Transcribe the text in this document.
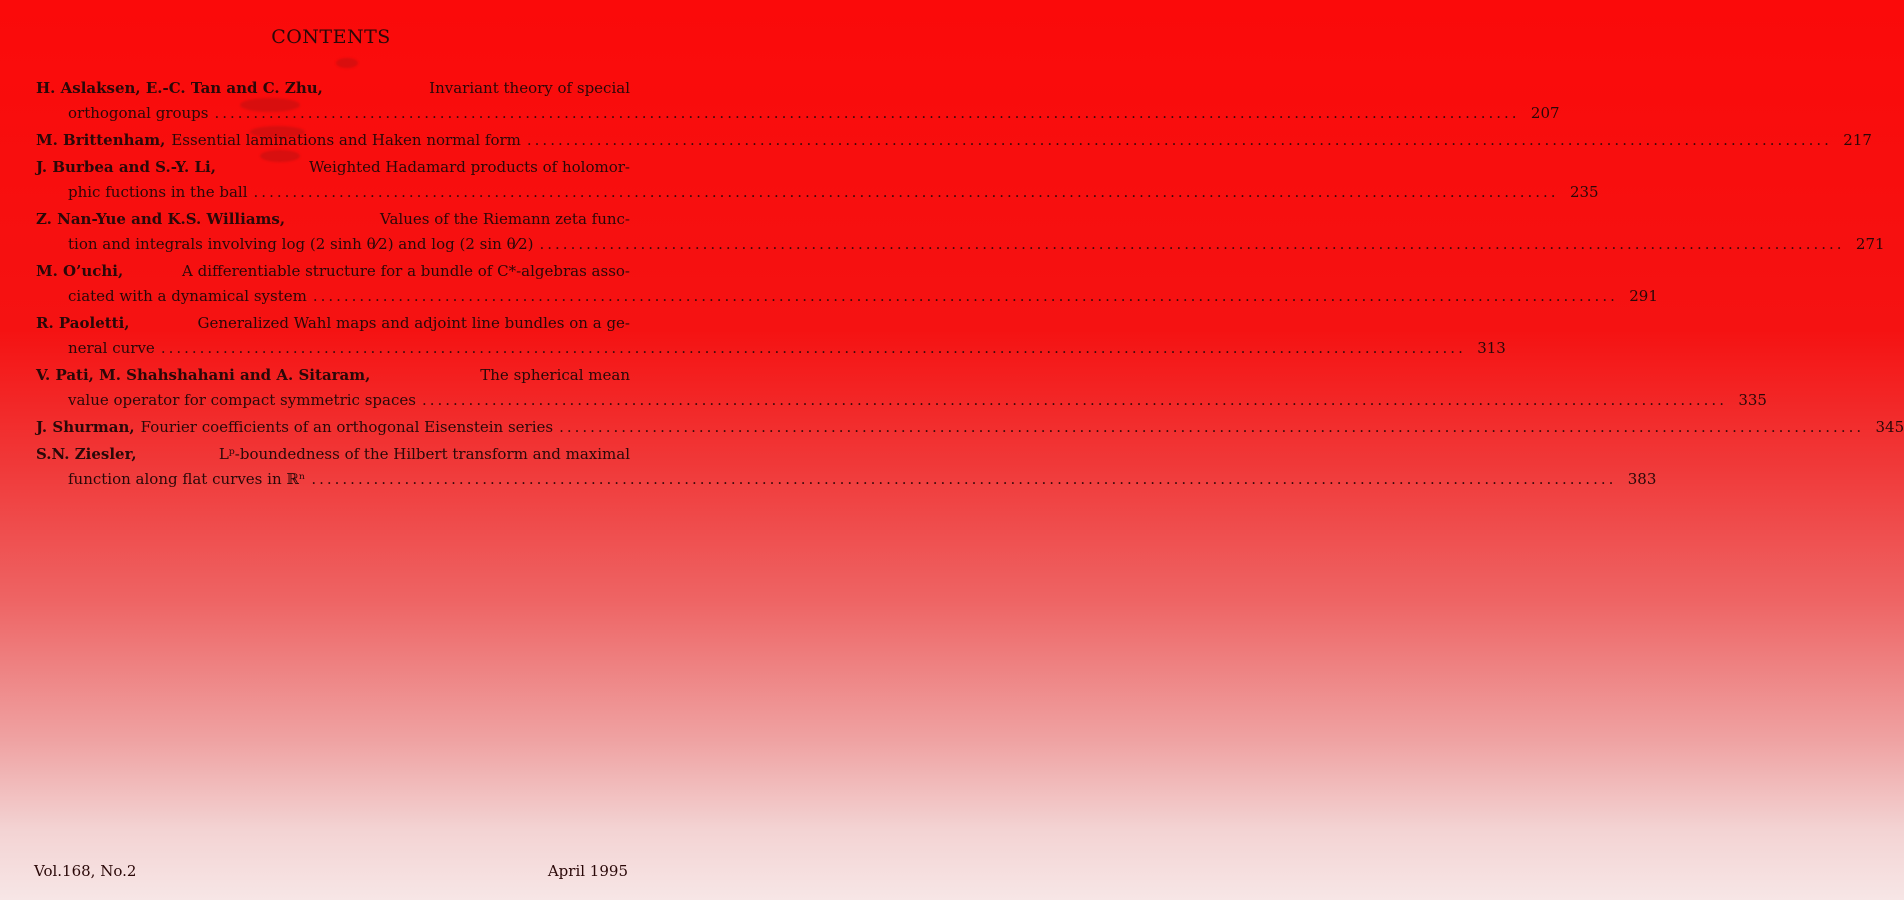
CONTENTS
H. Aslaksen, E.-C. Tan and C. Zhu,	Invariant theory of special
orthogonal groups .....	207
M. Brittenham, Essential laminations and Haken normal form .....	217
J. Burbea and S.-Y. Li,	Weighted Hadamard products of holomor-
phic fuctions in the ball .....	235
Z. Nan-Yue and K.S. Williams,	Values of the Riemann zeta func-
tion and integrals involving log (2 sinh θ⁄2) and log (2 sin θ⁄2) .....	271
M. O’uchi,	A differentiable structure for a bundle of C*-algebras asso-
ciated with a dynamical system .....	291
R. Paoletti,	Generalized Wahl maps and adjoint line bundles on a ge-
neral curve .....	313
V. Pati, M. Shahshahani and A. Sitaram,	The spherical mean
value operator for compact symmetric spaces .....	335
J. Shurman, Fourier coefficients of an orthogonal Eisenstein series .....	345
S.N. Ziesler,	Lᵖ-boundedness of the Hilbert transform and maximal
function along flat curves in ℝⁿ .....	383
Vol.168, No.2	April 1995
